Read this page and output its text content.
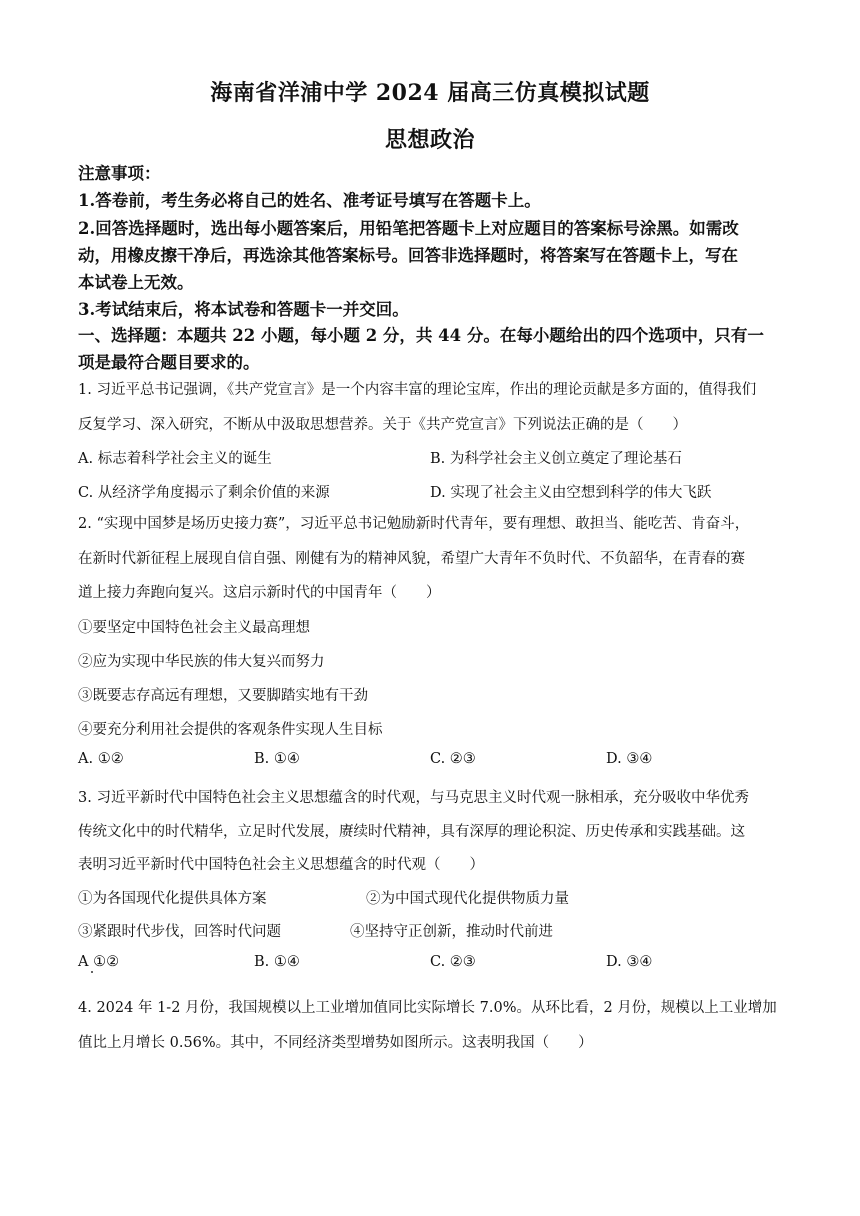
海南省洋浦中学 2024 届高三仿真模拟试题
思想政治
注意事项：
1.答卷前，考生务必将自己的姓名、准考证号填写在答题卡上。
2.回答选择题时，选出每小题答案后，用铅笔把答题卡上对应题目的答案标号涂黑。如需改
动，用橡皮擦干净后，再选涂其他答案标号。回答非选择题时，将答案写在答题卡上，写在
本试卷上无效。
3.考试结束后，将本试卷和答题卡一并交回。
一、选择题：本题共 22 小题，每小题 2 分，共 44 分。在每小题给出的四个选项中，只有一
项是最符合题目要求的。
1. 习近平总书记强调，《共产党宣言》是一个内容丰富的理论宝库，作出的理论贡献是多方面的，值得我们
反复学习、深入研究，不断从中汲取思想营养。关于《共产党宣言》下列说法正确的是（　　）
A. 标志着科学社会主义的诞生	B. 为科学社会主义创立奠定了理论基石
C. 从经济学角度揭示了剩余价值的来源	D. 实现了社会主义由空想到科学的伟大飞跃
2. “实现中国梦是场历史接力赛”，习近平总书记勉励新时代青年，要有理想、敢担当、能吃苦、肯奋斗，
在新时代新征程上展现自信自强、刚健有为的精神风貌，希望广大青年不负时代、不负韶华，在青春的赛
道上接力奔跑向复兴。这启示新时代的中国青年（　　）
①要坚定中国特色社会主义最高理想
②应为实现中华民族的伟大复兴而努力
③既要志存高远有理想，又要脚踏实地有干劲
④要充分利用社会提供的客观条件实现人生目标
A. ①②	B. ①④	C. ②③	D. ③④
3. 习近平新时代中国特色社会主义思想蕴含的时代观，与马克思主义时代观一脉相承，充分吸收中华优秀
传统文化中的时代精华，立足时代发展，赓续时代精神，具有深厚的理论积淀、历史传承和实践基础。这
表明习近平新时代中国特色社会主义思想蕴含的时代观（　　）
①为各国现代化提供具体方案	②为中国式现代化提供物质力量
③紧跟时代步伐，回答时代问题	④坚持守正创新，推动时代前进
A ①②	B. ①④	C. ②③	D. ③④
4. 2024 年 1-2 月份，我国规模以上工业增加值同比实际增长 7.0%。从环比看，2 月份，规模以上工业增加
值比上月增长 0.56%。其中，不同经济类型增势如图所示。这表明我国（　　）
